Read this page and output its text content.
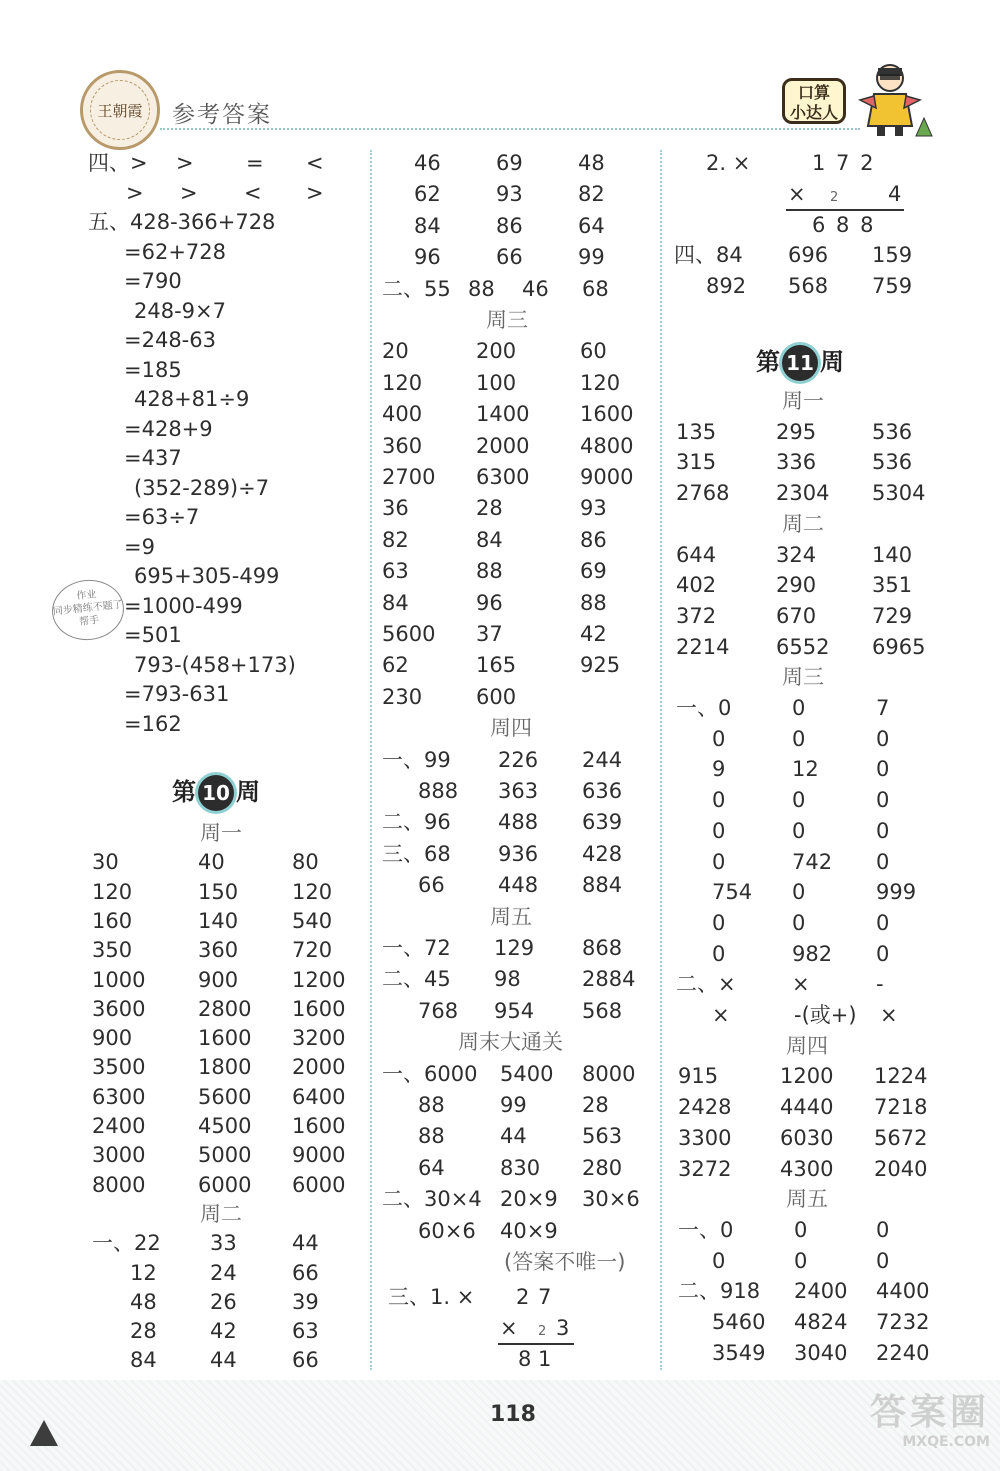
王朝霞	参考答案
口算
小达人
四、> > = <
> > < >
五、428-366+728
=62+728
=790
248-9×7
=248-63
=185
428+81÷9
=428+9
=437
(352-289)÷7
=63÷7
=9
695+305-499
=1000-499
=501
793-(458+173)
=793-631
=162
周一
30	40	80
120	150	120
160	140	540
350	360	720
1000	900	1200
3600	2800 1600
900	1600 3200
3500	1800 2000
6300	5600 6400
2400	4500 1600
3000	5000 9000
8000	6000 6000
周二
一、22 33	44
12	24	66
48	26	39
28	42	63
84	44	66
作业
同步精练不题了
帮手
第 10 周
46	69	48
62	93	82
84	86	64
96	66	99
二、55 88 46 68
周三
20	200	60
120	100	120
400	1400 1600
360	2000 4800
2700 6300 9000
36	28	93
82	84	86
63	88	69
84	96	88
5600 37	42
62	165	925
230	600
周四
一、99 226 244
888 363 636
二、96 488 639
三、68 936 428
66	448 884
周五
一、72 129 868
二、45 98	2884
768 954 568
周末大通关
一、6000 5400 8000
88	99	28
88	44	563
64	830 280
二、30×4 20×9 30×6
60×6 40×9
(答案不唯一)
三、1. × 2 7
× 2 3
8 1
2. ×	1 7 2
× 2 4
6 8 8
四、84 696 159
892 568 759
周一
135	295	536
315	336	536
2768 2304 5304
周二
644	324	140
402	290	351
372	670	729
2214 6552 6965
周三
一、0	0	7
0	0	0
9	12	0
0	0	0
0	0	0
0	742 0
754 0	999
0	0	0
0	982 0
二、×	×	-
×	-(或+) ×
周四
915	1200 1224
2428 4440 7218
3300 6030 5672
3272 4300 2040
周五
一、0	0	0
0	0	0
二、918 2400 4400
5460 4824 7232
3549 3040 2240
第 11 周
118	答案圈
MXQE.COM
